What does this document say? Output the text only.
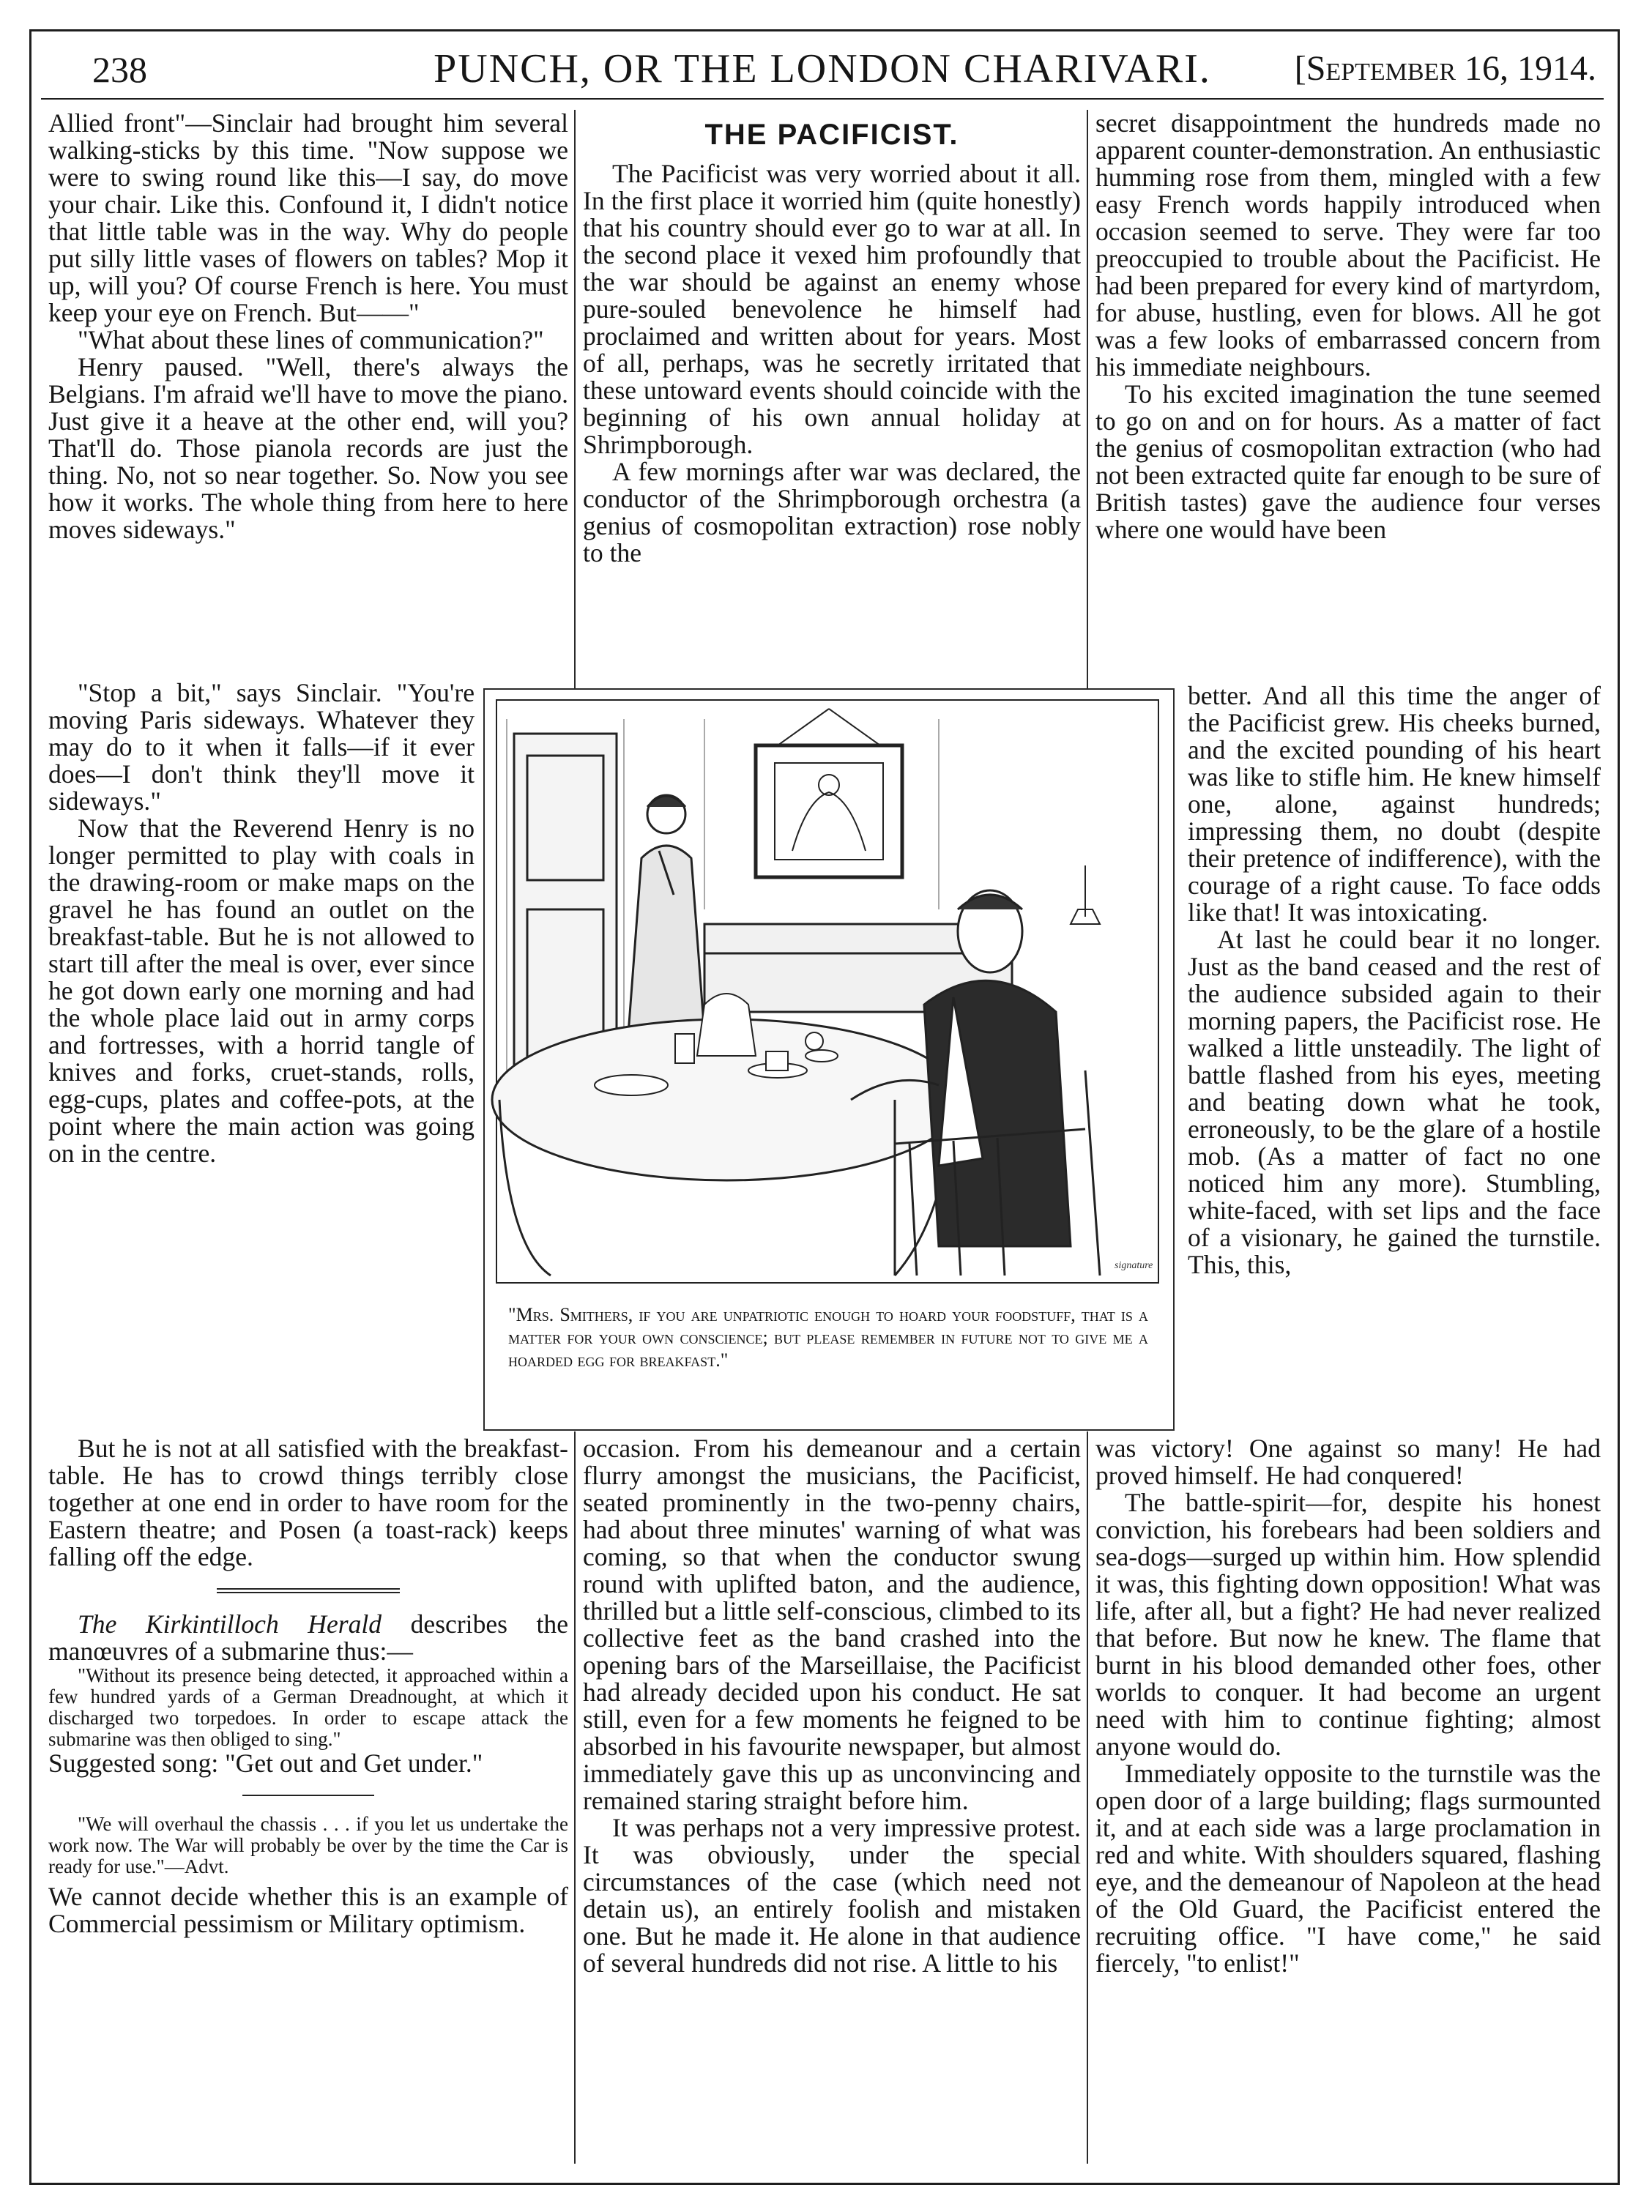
238	PUNCH, OR THE LONDON CHARIVARI.	[September 16, 1914.

Allied front"—Sinclair had brought him several walking-sticks by this time. "Now suppose we were to swing round like this—I say, do move your chair. Like this. Confound it, I didn't notice that little table was in the way. Why do people put silly little vases of flowers on tables? Mop it up, will you? Of course French is here. You must keep your eye on French. But——"

"What about these lines of communication?"

Henry paused. "Well, there's always the Belgians. I'm afraid we'll have to move the piano. Just give it a heave at the other end, will you? That'll do. Those pianola records are just the thing. No, not so near together. So. Now you see how it works. The whole thing from here to here moves sideways."

"Stop a bit," says Sinclair. "You're moving Paris sideways. Whatever they may do to it when it falls—if it ever does—I don't think they'll move it sideways."

Now that the Reverend Henry is no longer permitted to play with coals in the drawing-room or make maps on the gravel he has found an outlet on the breakfast-table. But he is not allowed to start till after the meal is over, ever since he got down early one morning and had the whole place laid out in army corps and fortresses, with a horrid tangle of knives and forks, cruet-stands, rolls, egg-cups, plates and coffee-pots, at the point where the main action was going on in the centre.

But he is not at all satisfied with the breakfast-table. He has to crowd things terribly close together at one end in order to have room for the Eastern theatre; and Posen (a toast-rack) keeps falling off the edge.

The Kirkintilloch Herald describes the manœuvres of a submarine thus:—

"Without its presence being detected, it approached within a few hundred yards of a German Dreadnought, at which it discharged two torpedoes. In order to escape attack the submarine was then obliged to sing."

Suggested song: "Get out and Get under."

"We will overhaul the chassis . . . if you let us undertake the work now. The War will probably be over by the time the Car is ready for use."—Advt.

We cannot decide whether this is an example of Commercial pessimism or Military optimism.

THE PACIFICIST.

The Pacificist was very worried about it all. In the first place it worried him (quite honestly) that his country should ever go to war at all. In the second place it vexed him profoundly that the war should be against an enemy whose pure-souled benevolence he himself had proclaimed and written about for years. Most of all, perhaps, was he secretly irritated that these untoward events should coincide with the beginning of his own annual holiday at Shrimpborough.

A few mornings after war was declared, the conductor of the Shrimpborough orchestra (a genius of cosmopolitan extraction) rose nobly to the

occasion. From his demeanour and a certain flurry amongst the musicians, the Pacificist, seated prominently in the two-penny chairs, had about three minutes' warning of what was coming, so that when the conductor swung round with uplifted baton, and the audience, thrilled but a little self-conscious, climbed to its collective feet as the band crashed into the opening bars of the Marseillaise, the Pacificist had already decided upon his conduct. He sat still, even for a few moments he feigned to be absorbed in his favourite newspaper, but almost immediately gave this up as unconvincing and remained staring straight before him.

It was perhaps not a very impressive protest. It was obviously, under the special circumstances of the case (which need not detain us), an entirely foolish and mistaken one. But he made it. He alone in that audience of several hundreds did not rise. A little to his

secret disappointment the hundreds made no apparent counter-demonstration. An enthusiastic humming rose from them, mingled with a few easy French words happily introduced when occasion seemed to serve. They were far too preoccupied to trouble about the Pacificist. He had been prepared for every kind of martyrdom, for abuse, hustling, even for blows. All he got was a few looks of embarrassed concern from his immediate neighbours.

To his excited imagination the tune seemed to go on and on for hours. As a matter of fact the genius of cosmopolitan extraction (who had not been extracted quite far enough to be sure of British tastes) gave the audience four verses where one would have been

better. And all this time the anger of the Pacificist grew. His cheeks burned, and the excited pounding of his heart was like to stifle him. He knew himself one, alone, against hundreds; impressing them, no doubt (despite their pretence of indifference), with the courage of a right cause. To face odds like that! It was intoxicating.

At last he could bear it no longer. Just as the band ceased and the rest of the audience subsided again to their morning papers, the Pacificist rose. He walked a little unsteadily. The light of battle flashed from his eyes, meeting and beating down what he took, erroneously, to be the glare of a hostile mob. (As a matter of fact no one noticed him any more). Stumbling, white-faced, with set lips and the face of a visionary, he gained the turnstile. This, this,

was victory! One against so many! He had proved himself. He had conquered!

The battle-spirit—for, despite his honest conviction, his forebears had been soldiers and sea-dogs—surged up within him. How splendid it was, this fighting down opposition! What was life, after all, but a fight? He had never realized that before. But now he knew. The flame that burnt in his blood demanded other foes, other worlds to conquer. It had become an urgent need with him to continue fighting; almost anyone would do.

Immediately opposite to the turnstile was the open door of a large building; flags surmounted it, and at each side was a large proclamation in red and white. With shoulders squared, flashing eye, and the demeanour of Napoleon at the head of the Old Guard, the Pacificist entered the recruiting office. "I have come," he said fiercely, "to enlist!"

signature
"Mrs. Smithers, if you are unpatriotic enough to hoard your foodstuff, that is a matter for your own conscience; but please remember in future not to give me a hoarded egg for breakfast."
